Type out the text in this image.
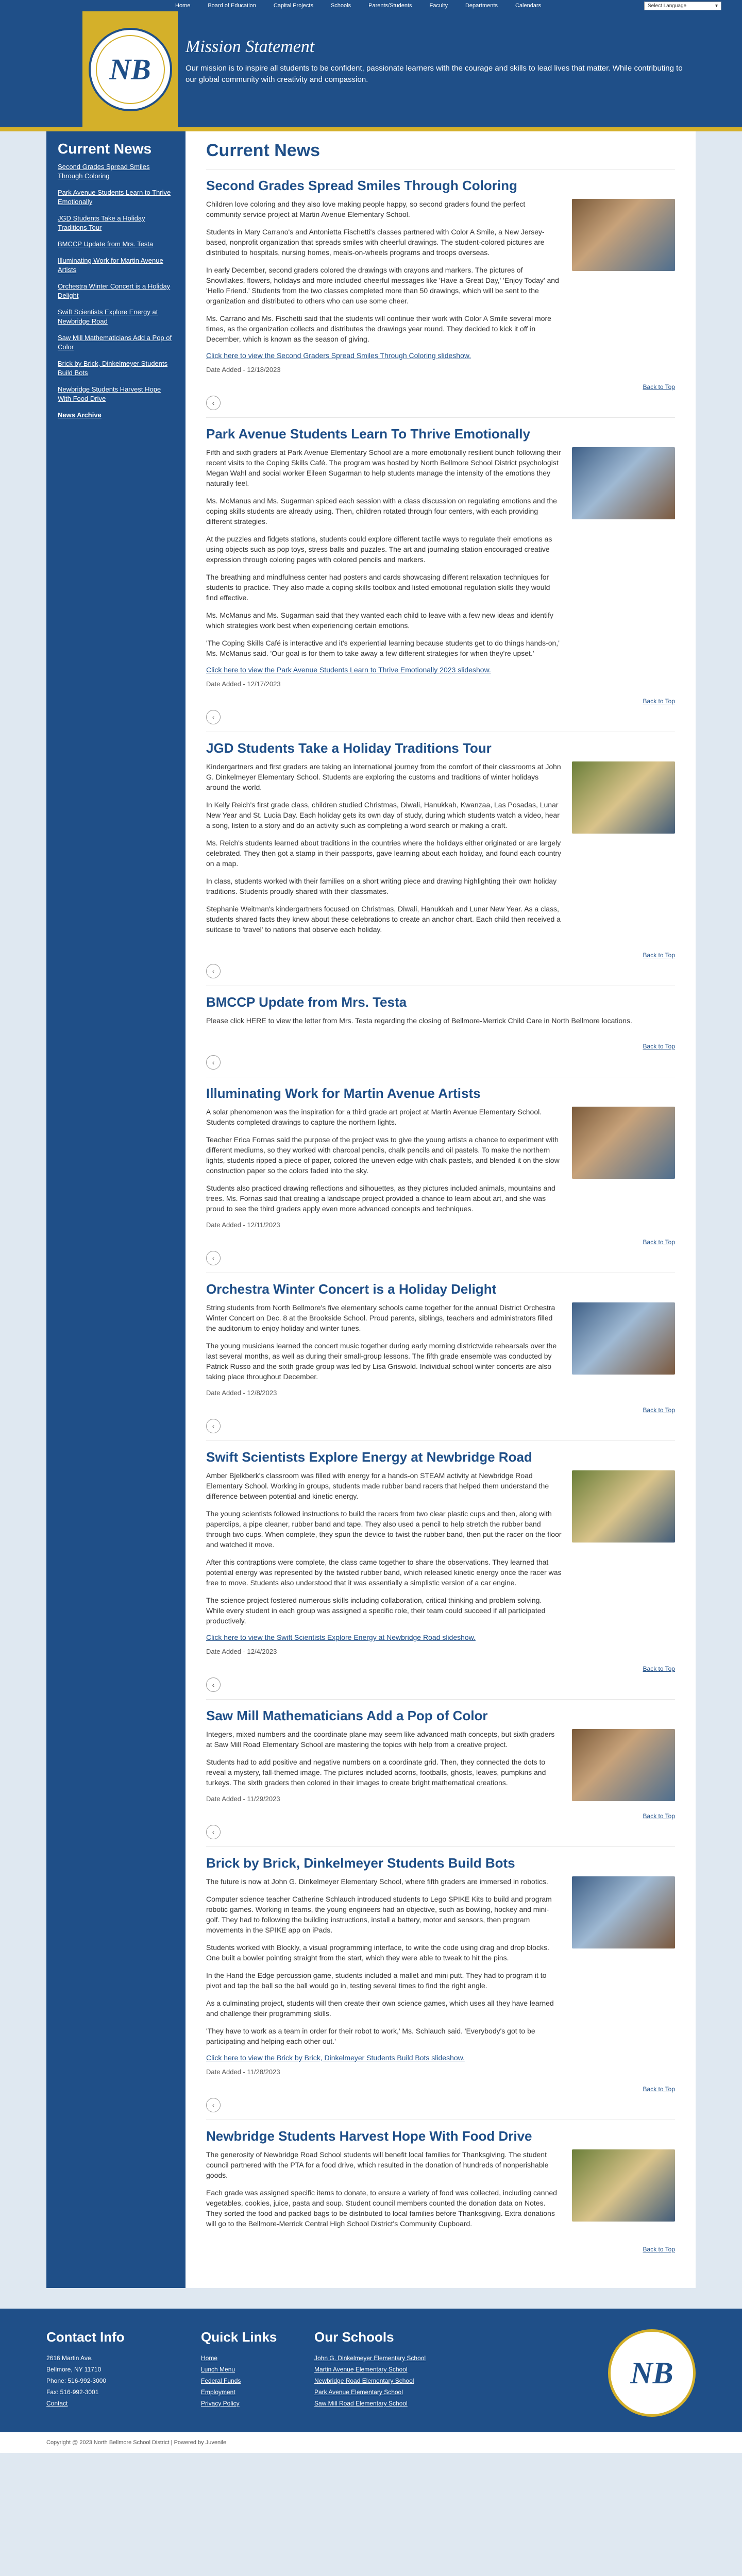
Home	Board of Education	Capital Projects	Schools	Parents/Students	Faculty	Departments	Calendars	Select Language	▾
NB
Mission Statement

Our mission is to inspire all students to be confident, passionate learners with the courage and skills to lead lives that matter. While contributing to our global community with creativity and compassion.

Current News
Second Grades Spread Smiles Through Coloring
Park Avenue Students Learn to Thrive Emotionally
JGD Students Take a Holiday Traditions Tour
BMCCP Update from Mrs. Testa
Illuminating Work for Martin Avenue Artists
Orchestra Winter Concert is a Holiday Delight
Swift Scientists Explore Energy at Newbridge Road
Saw Mill Mathematicians Add a Pop of Color
Brick by Brick, Dinkelmeyer Students Build Bots
Newbridge Students Harvest Hope With Food Drive
News Archive
Current News
Second Grades Spread Smiles Through Coloring

Children love coloring and they also love making people happy, so second graders found the perfect community service project at Martin Avenue Elementary School.

Students in Mary Carrano's and Antonietta Fischetti's classes partnered with Color A Smile, a New Jersey-based, nonprofit organization that spreads smiles with cheerful drawings. The student-colored pictures are distributed to hospitals, nursing homes, meals-on-wheels programs and troops overseas.

In early December, second graders colored the drawings with crayons and markers. The pictures of Snowflakes, flowers, holidays and more included cheerful messages like 'Have a Great Day,' 'Enjoy Today' and 'Hello Friend.' Students from the two classes completed more than 50 drawings, which will be sent to the organization and distributed to others who can use some cheer.

Ms. Carrano and Ms. Fischetti said that the students will continue their work with Color A Smile several more times, as the organization collects and distributes the drawings year round. They decided to kick it off in December, which is known as the season of giving.

Click here to view the Second Graders Spread Smiles Through Coloring slideshow.
Date Added - 12/18/2023
Back to Top
‹
Park Avenue Students Learn To Thrive Emotionally

Fifth and sixth graders at Park Avenue Elementary School are a more emotionally resilient bunch following their recent visits to the Coping Skills Café. The program was hosted by North Bellmore School District psychologist Megan Wahl and social worker Eileen Sugarman to help students manage the intensity of the emotions they naturally feel.

Ms. McManus and Ms. Sugarman spiced each session with a class discussion on regulating emotions and the coping skills students are already using. Then, children rotated through four centers, with each providing different strategies.

At the puzzles and fidgets stations, students could explore different tactile ways to regulate their emotions as using objects such as pop toys, stress balls and puzzles. The art and journaling station encouraged creative expression through coloring pages with colored pencils and markers.

The breathing and mindfulness center had posters and cards showcasing different relaxation techniques for students to practice. They also made a coping skills toolbox and listed emotional regulation skills they would find effective.

Ms. McManus and Ms. Sugarman said that they wanted each child to leave with a few new ideas and identify which strategies work best when experiencing certain emotions.

'The Coping Skills Café is interactive and it's experiential learning because students get to do things hands-on,' Ms. McManus said. 'Our goal is for them to take away a few different strategies for when they're upset.'

Click here to view the Park Avenue Students Learn to Thrive Emotionally 2023 slideshow.
Date Added - 12/17/2023
Back to Top
‹
JGD Students Take a Holiday Traditions Tour

Kindergartners and first graders are taking an international journey from the comfort of their classrooms at John G. Dinkelmeyer Elementary School. Students are exploring the customs and traditions of winter holidays around the world.

In Kelly Reich's first grade class, children studied Christmas, Diwali, Hanukkah, Kwanzaa, Las Posadas, Lunar New Year and St. Lucia Day. Each holiday gets its own day of study, during which students watch a video, hear a song, listen to a story and do an activity such as completing a word search or making a craft.

Ms. Reich's students learned about traditions in the countries where the holidays either originated or are largely celebrated. They then got a stamp in their passports, gave learning about each holiday, and found each country on a map.

In class, students worked with their families on a short writing piece and drawing highlighting their own holiday traditions. Students proudly shared with their classmates.

Stephanie Weitman's kindergartners focused on Christmas, Diwali, Hanukkah and Lunar New Year. As a class, students shared facts they knew about these celebrations to create an anchor chart. Each child then received a suitcase to 'travel' to nations that observe each holiday.

Back to Top
‹
BMCCP Update from Mrs. Testa

Please click HERE to view the letter from Mrs. Testa regarding the closing of Bellmore-Merrick Child Care in North Bellmore locations.

Back to Top
‹
Illuminating Work for Martin Avenue Artists

A solar phenomenon was the inspiration for a third grade art project at Martin Avenue Elementary School. Students completed drawings to capture the northern lights.

Teacher Erica Fornas said the purpose of the project was to give the young artists a chance to experiment with different mediums, so they worked with charcoal pencils, chalk pencils and oil pastels. To make the northern lights, students ripped a piece of paper, colored the uneven edge with chalk pastels, and blended it on the slow construction paper so the colors faded into the sky.

Students also practiced drawing reflections and silhouettes, as they pictures included animals, mountains and trees. Ms. Fornas said that creating a landscape project provided a chance to learn about art, and she was proud to see the third graders apply even more advanced concepts and techniques.

Date Added - 12/11/2023
Back to Top
‹
Orchestra Winter Concert is a Holiday Delight

String students from North Bellmore's five elementary schools came together for the annual District Orchestra Winter Concert on Dec. 8 at the Brookside School. Proud parents, siblings, teachers and administrators filled the auditorium to enjoy holiday and winter tunes.

The young musicians learned the concert music together during early morning districtwide rehearsals over the last several months, as well as during their small-group lessons. The fifth grade ensemble was conducted by Patrick Russo and the sixth grade group was led by Lisa Griswold. Individual school winter concerts are also taking place throughout December.

Date Added - 12/8/2023
Back to Top
‹
Swift Scientists Explore Energy at Newbridge Road

Amber Bjelkberk's classroom was filled with energy for a hands-on STEAM activity at Newbridge Road Elementary School. Working in groups, students made rubber band racers that helped them understand the difference between potential and kinetic energy.

The young scientists followed instructions to build the racers from two clear plastic cups and then, along with paperclips, a pipe cleaner, rubber band and tape. They also used a pencil to help stretch the rubber band through two cups. When complete, they spun the device to twist the rubber band, then put the racer on the floor and watched it move.

After this contraptions were complete, the class came together to share the observations. They learned that potential energy was represented by the twisted rubber band, which released kinetic energy once the racer was free to move. Students also understood that it was essentially a simplistic version of a car engine.

The science project fostered numerous skills including collaboration, critical thinking and problem solving. While every student in each group was assigned a specific role, their team could succeed if all participated productively.

Click here to view the Swift Scientists Explore Energy at Newbridge Road slideshow.
Date Added - 12/4/2023
Back to Top
‹
Saw Mill Mathematicians Add a Pop of Color

Integers, mixed numbers and the coordinate plane may seem like advanced math concepts, but sixth graders at Saw Mill Road Elementary School are mastering the topics with help from a creative project.

Students had to add positive and negative numbers on a coordinate grid. Then, they connected the dots to reveal a mystery, fall-themed image. The pictures included acorns, footballs, ghosts, leaves, pumpkins and turkeys. The sixth graders then colored in their images to create bright mathematical creations.

Date Added - 11/29/2023
Back to Top
‹
Brick by Brick, Dinkelmeyer Students Build Bots

The future is now at John G. Dinkelmeyer Elementary School, where fifth graders are immersed in robotics.

Computer science teacher Catherine Schlauch introduced students to Lego SPIKE Kits to build and program robotic games. Working in teams, the young engineers had an objective, such as bowling, hockey and mini-golf. They had to following the building instructions, install a battery, motor and sensors, then program movements in the SPIKE app on iPads.

Students worked with Blockly, a visual programming interface, to write the code using drag and drop blocks. One built a bowler pointing straight from the start, which they were able to tweak to hit the pins.

In the Hand the Edge percussion game, students included a mallet and mini putt. They had to program it to pivot and tap the ball so the ball would go in, testing several times to find the right angle.

As a culminating project, students will then create their own science games, which uses all they have learned and challenge their programming skills.

'They have to work as a team in order for their robot to work,' Ms. Schlauch said. 'Everybody's got to be participating and helping each other out.'

Click here to view the Brick by Brick, Dinkelmeyer Students Build Bots slideshow.
Date Added - 11/28/2023
Back to Top
‹
Newbridge Students Harvest Hope With Food Drive

The generosity of Newbridge Road School students will benefit local families for Thanksgiving. The student council partnered with the PTA for a food drive, which resulted in the donation of hundreds of nonperishable goods.

Each grade was assigned specific items to donate, to ensure a variety of food was collected, including canned vegetables, cookies, juice, pasta and soup. Student council members counted the donation data on Notes. They sorted the food and packed bags to be distributed to local families before Thanksgiving. Extra donations will go to the Bellmore-Merrick Central High School District's Community Cupboard.

Back to Top
Contact Info

2616 Martin Ave.

Bellmore, NY 11710

Phone: 516-992-3000

Fax: 516-992-3001

Contact
Quick Links
Home
Lunch Menu
Federal Funds
Employment
Privacy Policy
Our Schools
John G. Dinkelmeyer Elementary School
Martin Avenue Elementary School
Newbridge Road Elementary School
Park Avenue Elementary School
Saw Mill Road Elementary School
NB
Copyright @ 2023 North Bellmore School District | Powered by Juvenile
